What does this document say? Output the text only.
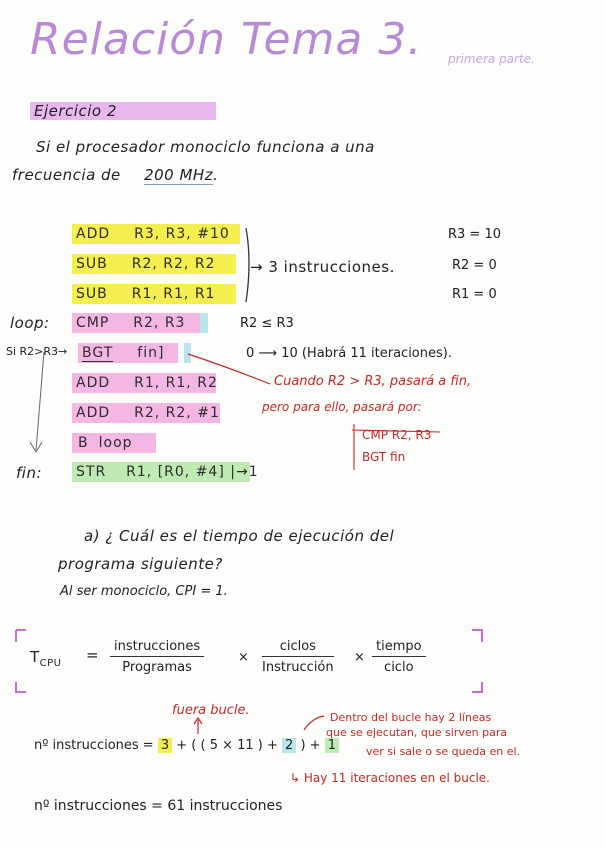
Relación Tema 3. primera parte.
Ejercicio 2
Si el procesador monociclo funciona a una
frecuencia de 200 MHz.
ADD R3, R3, #10
SUB R2, R2, R2
SUB R1, R1, R1
loop: CMP R2, R3
Si R2>R3→ BGT fin]
ADD R1, R1, R2
ADD R2, R2, #1
B loop
fin: STR R1, [R0, #4] |→1
→ 3 instrucciones.
R3 = 10
R2 = 0
R1 = 0
R2 ≤ R3
0 ⟶ 10 (Habrá 11 iteraciones).
Cuando R2 > R3, pasará a fin,
pero para ello, pasará por:
CMP R2, R3
BGT fin
a) ¿ Cuál es el tiempo de ejecución del
programa siguiente?
Al ser monociclo, CPI = 1.
$T_{CPU}$ =	instrucciones
Programas
×
ciclos
Instrucción
×
tiempo
ciclo
fuera bucle.
nº instrucciones = 3 + ( ( 5 × 11 ) + 2 ) + 1
Dentro del bucle hay 2 líneas
que se ejecutan, que sirven para
ver si sale o se queda en el.
↳ Hay 11 iteraciones en el bucle.
nº instrucciones = 61 instrucciones
